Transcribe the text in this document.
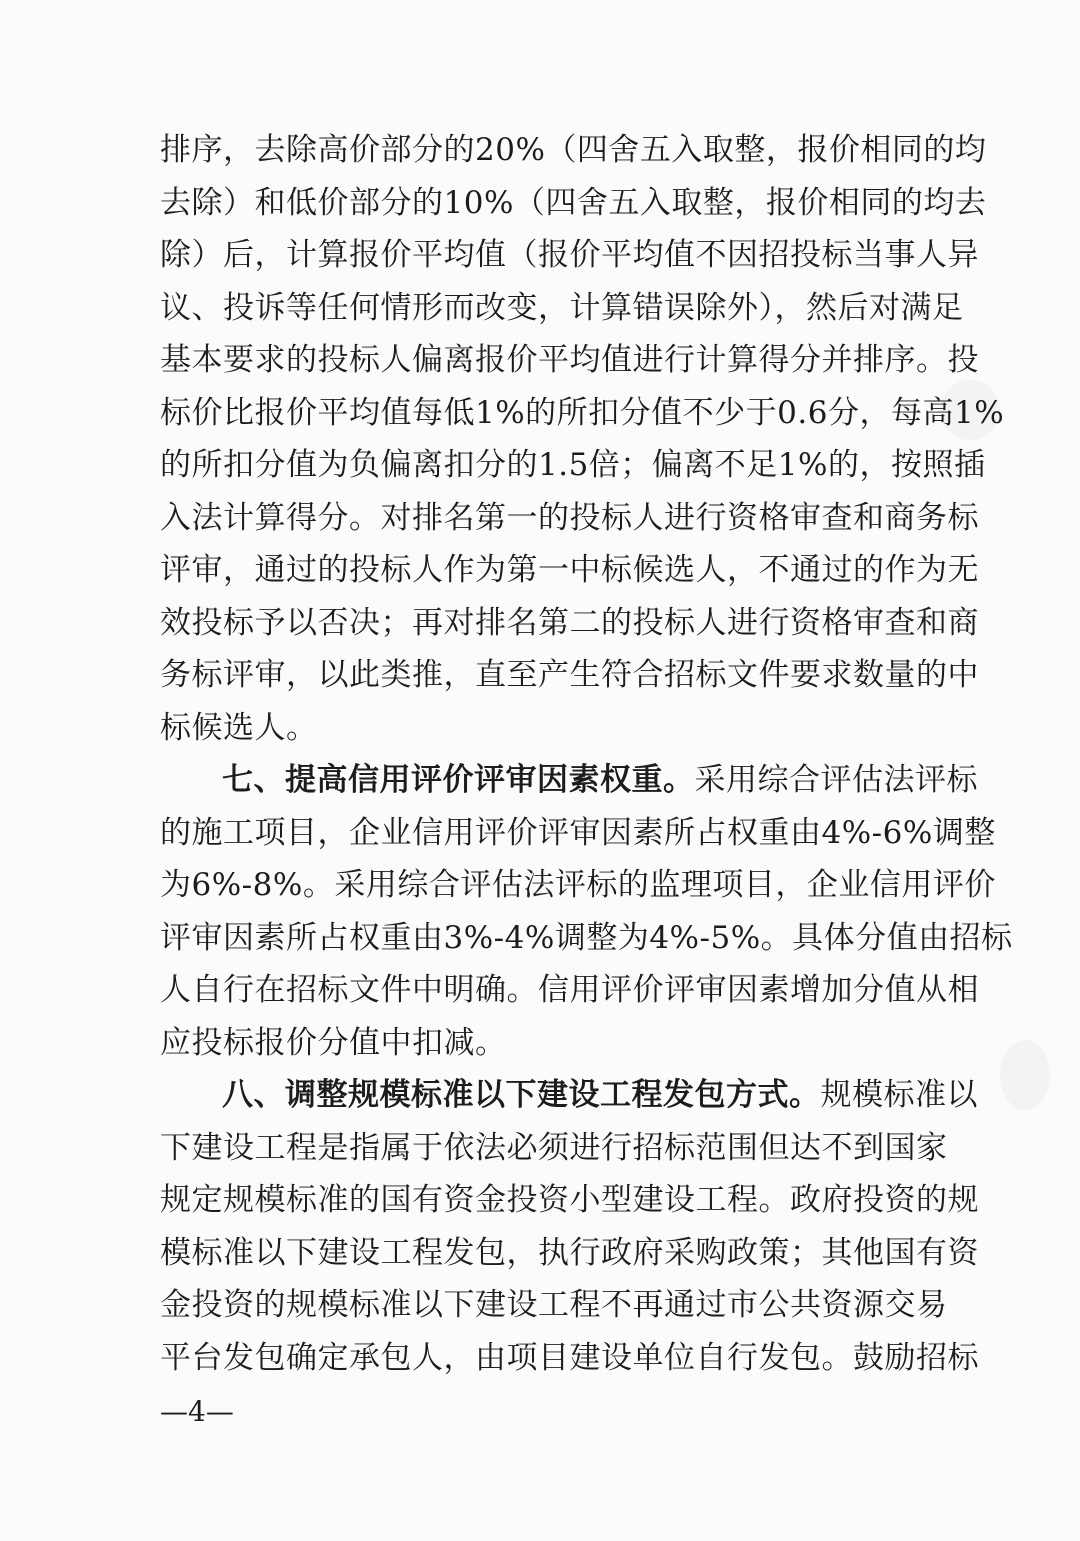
排序，去除高价部分的20%（四舍五入取整，报价相同的均
去除）和低价部分的10%（四舍五入取整，报价相同的均去
除）后，计算报价平均值（报价平均值不因招投标当事人异
议、投诉等任何情形而改变，计算错误除外），然后对满足
基本要求的投标人偏离报价平均值进行计算得分并排序。投
标价比报价平均值每低1%的所扣分值不少于0.6分，每高1%
的所扣分值为负偏离扣分的1.5倍；偏离不足1%的，按照插
入法计算得分。对排名第一的投标人进行资格审查和商务标
评审，通过的投标人作为第一中标候选人，不通过的作为无
效投标予以否决；再对排名第二的投标人进行资格审查和商
务标评审，以此类推，直至产生符合招标文件要求数量的中
标候选人。
七、提高信用评价评审因素权重。采用综合评估法评标
的施工项目，企业信用评价评审因素所占权重由4%-6%调整
为6%-8%。采用综合评估法评标的监理项目，企业信用评价
评审因素所占权重由3%-4%调整为4%-5%。具体分值由招标
人自行在招标文件中明确。信用评价评审因素增加分值从相
应投标报价分值中扣减。
八、调整规模标准以下建设工程发包方式。规模标准以
下建设工程是指属于依法必须进行招标范围但达不到国家
规定规模标准的国有资金投资小型建设工程。政府投资的规
模标准以下建设工程发包，执行政府采购政策；其他国有资
金投资的规模标准以下建设工程不再通过市公共资源交易
平台发包确定承包人，由项目建设单位自行发包。鼓励招标
—4—
